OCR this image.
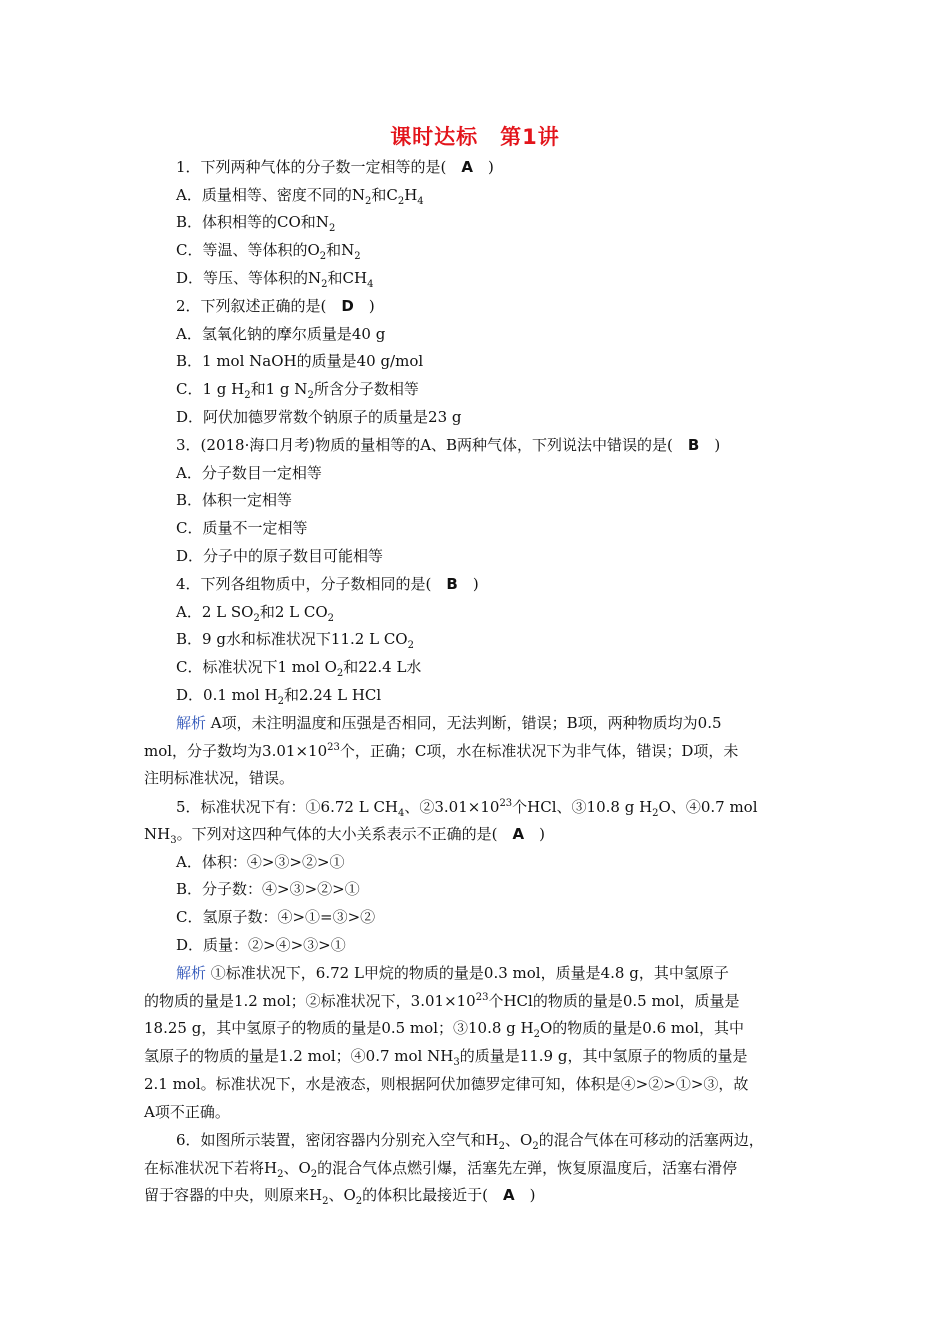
课时达标　第1讲
1．下列两种气体的分子数一定相等的是(　A　)
A．质量相等、密度不同的$N_2$和$C_2H_4$
B．体积相等的CO和$N_2$
C．等温、等体积的$O_2$和$N_2$
D．等压、等体积的$N_2$和$CH_4$
2．下列叙述正确的是(　D　)
A．氢氧化钠的摩尔质量是40 g
B．1 mol NaOH的质量是40 g/mol
C．1 g $H_2$和1 g $N_2$所含分子数相等
D．阿伏加德罗常数个钠原子的质量是23 g
3．(2018·海口月考)物质的量相等的A、B两种气体，下列说法中错误的是(　B　)
A．分子数目一定相等
B．体积一定相等
C．质量不一定相等
D．分子中的原子数目可能相等
4．下列各组物质中，分子数相同的是(　B　)
A．2 L $SO_2$和2 L $CO_2$
B．9 g水和标准状况下11.2 L $CO_2$
C．标准状况下1 mol $O_2$和22.4 L水
D．0.1 mol $H_2$和2.24 L HCl
解析 A项，未注明温度和压强是否相同，无法判断，错误；B项，两种物质均为0.5
mol，分子数均为$3.01\times 10^{23}$个，正确；C项，水在标准状况下为非气体，错误；D项，未
注明标准状况，错误。
5．标准状况下有：①6.72 L $CH_4$、$②3.01\times 10^{23}$个HCl、③10.8 g $H_2O$、④0.7 mol
$NH_3$。下列对这四种气体的大小关系表示不正确的是(　A　)
A．体积：④>③>②>①
B．分子数：④>③>②>①
C．氢原子数：④>①=③>②
D．质量：②>④>③>①
解析 ①标准状况下，6.72 L甲烷的物质的量是0.3 mol，质量是4.8 g，其中氢原子
的物质的量是1.2 mol；②标准状况下，$3.01\times 10^{23}$个HCl的物质的量是0.5 mol，质量是
18.25 g，其中氢原子的物质的量是0.5 mol；③10.8 g $H_2O$的物质的量是0.6 mol，其中
氢原子的物质的量是1.2 mol；④0.7 mol $NH_3$的质量是11.9 g，其中氢原子的物质的量是
2.1 mol。标准状况下，水是液态，则根据阿伏加德罗定律可知，体积是④>②>①>③，故
A项不正确。
6．如图所示装置，密闭容器内分别充入空气和$H_2$、$O_2$的混合气体在可移动的活塞两边，
在标准状况下若将$H_2$、$O_2$的混合气体点燃引爆，活塞先左弹，恢复原温度后，活塞右滑停
留于容器的中央，则原来$H_2$、$O_2$的体积比最接近于(　A　)
